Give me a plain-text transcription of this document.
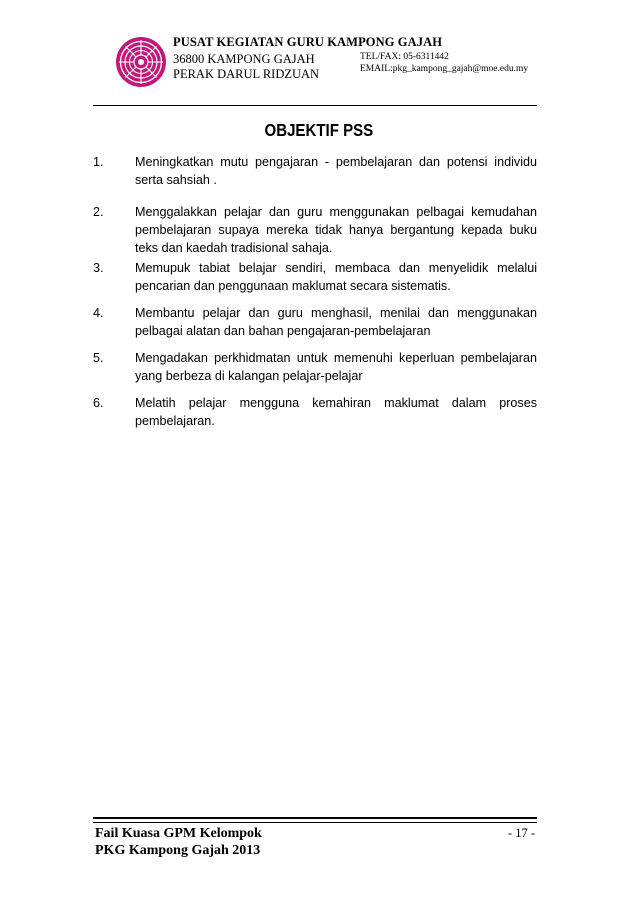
PUSAT KEGIATAN GURU KAMPONG GAJAH
36800 KAMPONG GAJAH
PERAK DARUL RIDZUAN
TEL/FAX: 05-6311442
EMAIL:pkg_kampong_gajah@moe.edu.my
OBJEKTIF PSS
1. Meningkatkan mutu pengajaran - pembelajaran dan potensi individu serta sahsiah .
2. Menggalakkan pelajar dan guru menggunakan pelbagai kemudahan pembelajaran supaya mereka tidak hanya bergantung kepada buku teks dan kaedah tradisional sahaja.
3. Memupuk tabiat belajar sendiri, membaca dan menyelidik melalui pencarian dan penggunaan maklumat secara sistematis.
4. Membantu pelajar dan guru menghasil, menilai dan menggunakan pelbagai alatan dan bahan pengajaran-pembelajaran
5. Mengadakan perkhidmatan untuk memenuhi keperluan pembelajaran yang berbeza di kalangan pelajar-pelajar
6. Melatih pelajar mengguna kemahiran maklumat dalam proses pembelajaran.
Fail Kuasa GPM Kelompok
PKG Kampong Gajah 2013
- 17 -
